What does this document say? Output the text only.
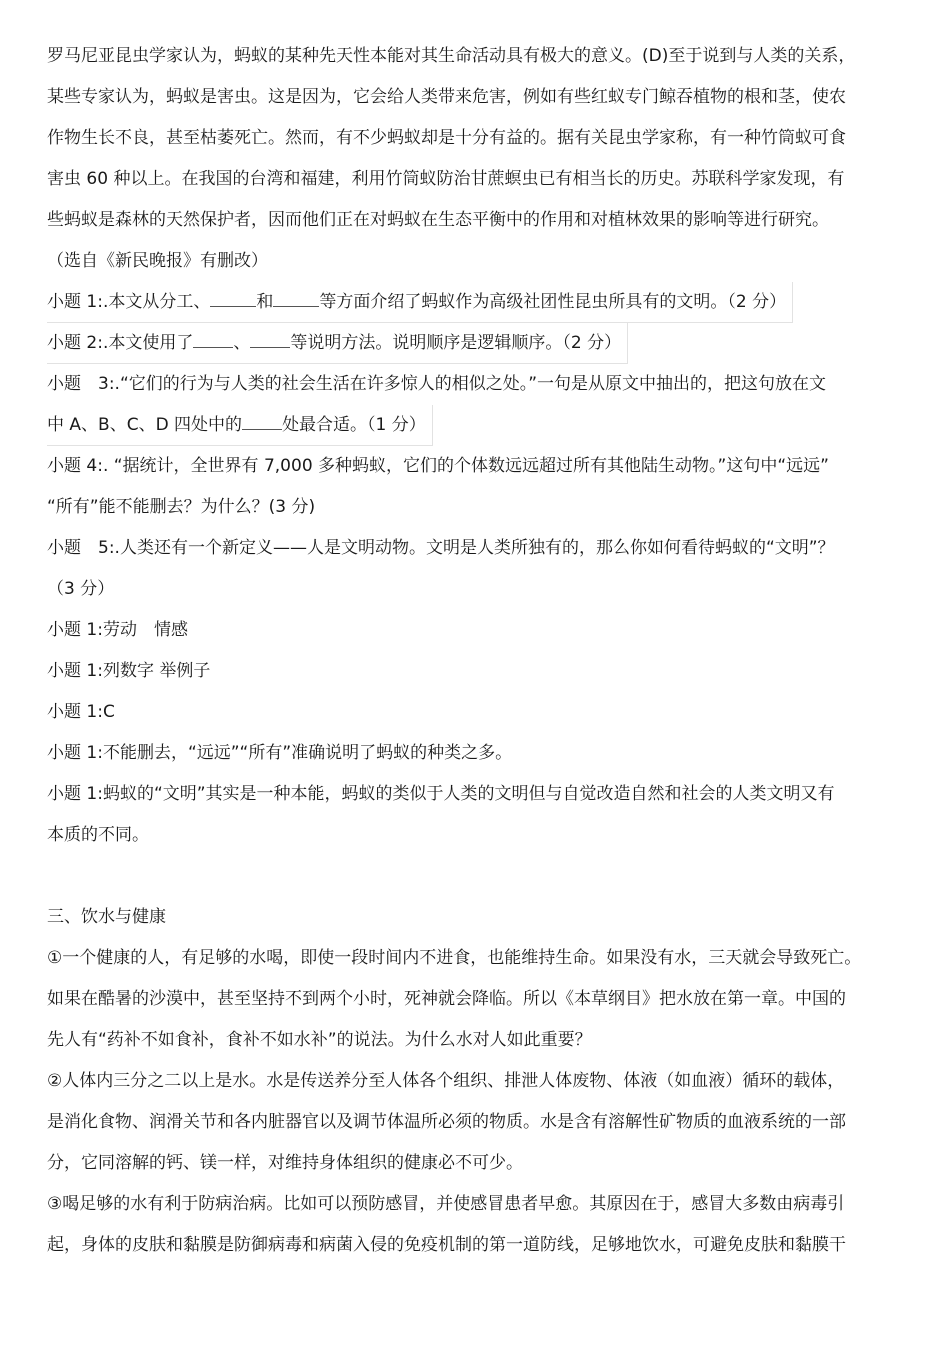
罗马尼亚昆虫学家认为，蚂蚁的某种先天性本能对其生命活动具有极大的意义。(D)至于说到与人类的关系，
某些专家认为，蚂蚁是害虫。这是因为，它会给人类带来危害，例如有些红蚁专门鲸吞植物的根和茎，使农
作物生长不良，甚至枯萎死亡。然而，有不少蚂蚁却是十分有益的。据有关昆虫学家称，有一种竹筒蚁可食
害虫 60 种以上。在我国的台湾和福建，利用竹筒蚁防治甘蔗螟虫已有相当长的历史。苏联科学家发现，有
些蚂蚁是森林的天然保护者，因而他们正在对蚂蚁在生态平衡中的作用和对植林效果的影响等进行研究。
（选自《新民晚报》有删改）
小题 1:.本文从分工、	和	等方面介绍了蚂蚁作为高级社团性昆虫所具有的文明。（2 分）
小题 2:.本文使用了 、 等说明方法。说明顺序是逻辑顺序。（2 分）
小题　3:.“它们的行为与人类的社会生活在许多惊人的相似之处。”一句是从原文中抽出的，把这句放在文
中 A、B、C、D 四处中的 处最合适。（1 分）
小题 4:. “据统计，全世界有 7,000 多种蚂蚁，它们的个体数远远超过所有其他陆生动物。”这句中“远远”
“所有”能不能删去？为什么？(3 分)
小题　5:.人类还有一个新定义——人是文明动物。文明是人类所独有的，那么你如何看待蚂蚁的“文明”？
（3 分）
小题 1:劳动　情感
小题 1:列数字 举例子
小题 1:C
小题 1:不能删去，“远远”“所有”准确说明了蚂蚁的种类之多。
小题 1:蚂蚁的“文明”其实是一种本能，蚂蚁的类似于人类的文明但与自觉改造自然和社会的人类文明又有
本质的不同。
三、饮水与健康
①一个健康的人，有足够的水喝，即使一段时间内不进食，也能维持生命。如果没有水，三天就会导致死亡。
如果在酷暑的沙漠中，甚至坚持不到两个小时，死神就会降临。所以《本草纲目》把水放在第一章。中国的
先人有“药补不如食补，食补不如水补”的说法。为什么水对人如此重要？
②人体内三分之二以上是水。水是传送养分至人体各个组织、排泄人体废物、体液（如血液）循环的载体，
是消化食物、润滑关节和各内脏器官以及调节体温所必须的物质。水是含有溶解性矿物质的血液系统的一部
分，它同溶解的钙、镁一样，对维持身体组织的健康必不可少。
③喝足够的水有利于防病治病。比如可以预防感冒，并使感冒患者早愈。其原因在于，感冒大多数由病毒引
起，身体的皮肤和黏膜是防御病毒和病菌入侵的免疫机制的第一道防线，足够地饮水，可避免皮肤和黏膜干
